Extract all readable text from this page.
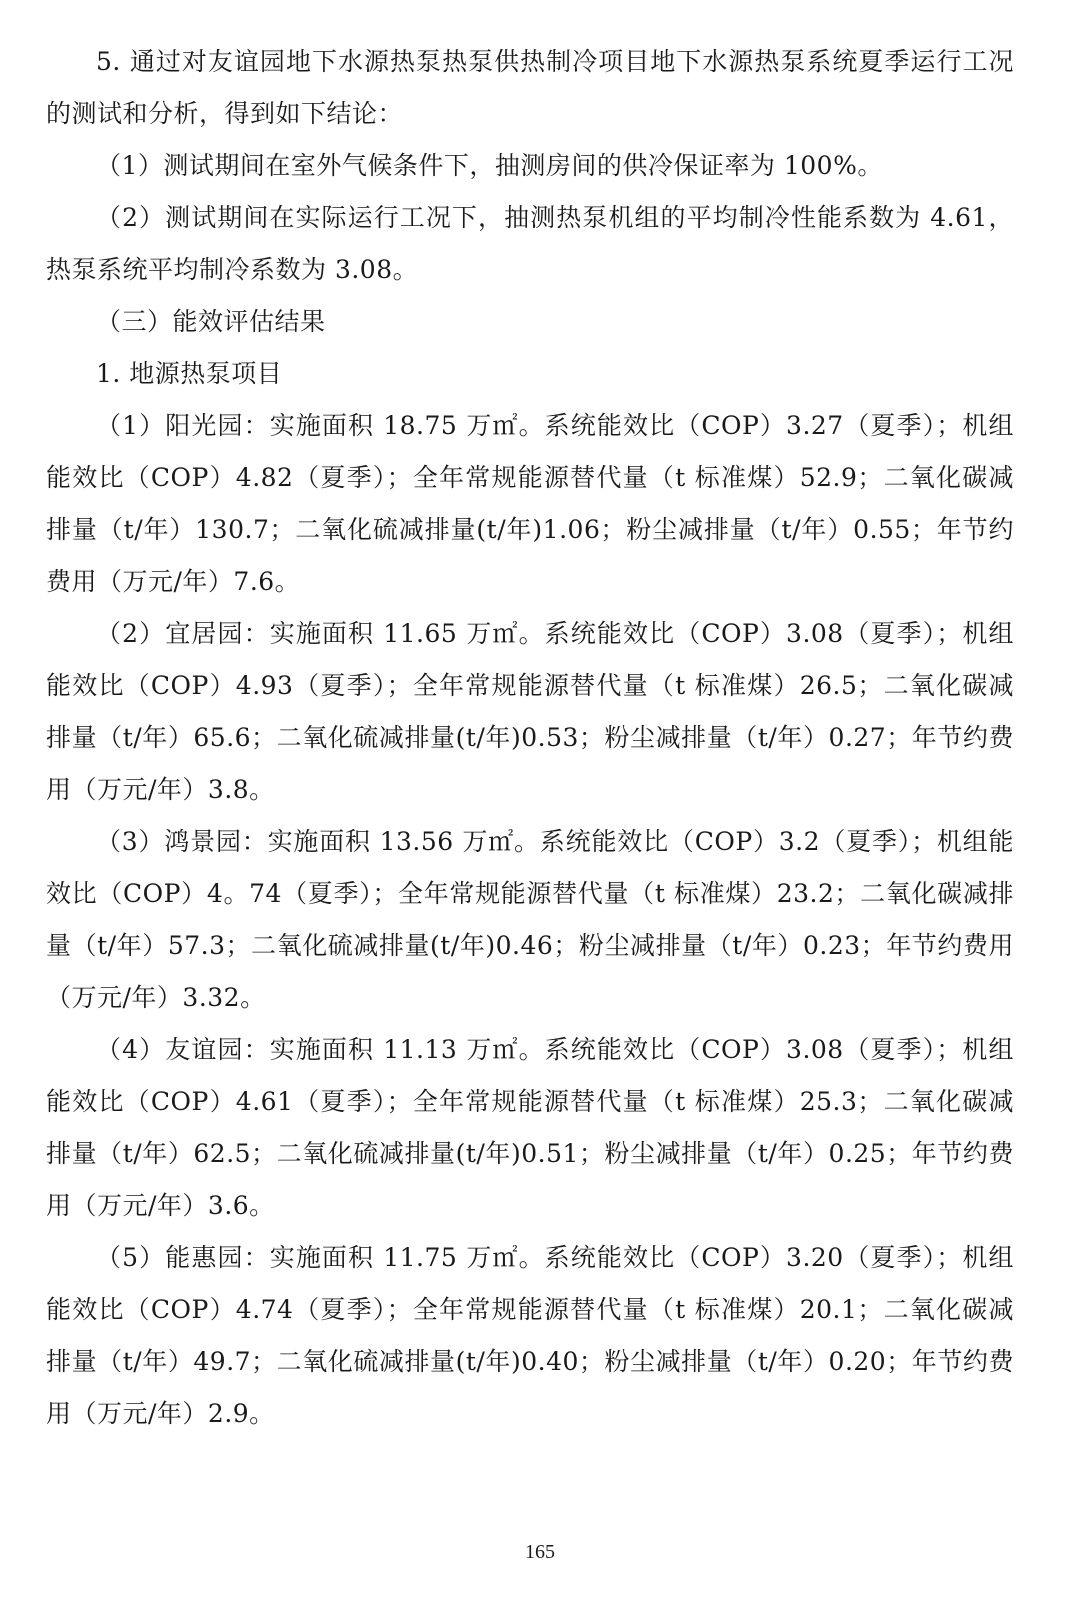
5. 通过对友谊园地下水源热泵热泵供热制冷项目地下水源热泵系统夏季运行工况的测试和分析，得到如下结论：

（1）测试期间在室外气候条件下，抽测房间的供冷保证率为 100%。

（2）测试期间在实际运行工况下，抽测热泵机组的平均制冷性能系数为 4.61，热泵系统平均制冷系数为 3.08。

（三）能效评估结果

1. 地源热泵项目

（1）阳光园：实施面积 18.75 万㎡。系统能效比（COP）3.27（夏季）；机组能效比（COP）4.82（夏季）；全年常规能源替代量（t 标准煤）52.9；二氧化碳减排量（t/年）130.7；二氧化硫减排量(t/年)1.06；粉尘减排量（t/年）0.55；年节约费用（万元/年）7.6。

（2）宜居园：实施面积 11.65 万㎡。系统能效比（COP）3.08（夏季）；机组能效比（COP）4.93（夏季）；全年常规能源替代量（t 标准煤）26.5；二氧化碳减排量（t/年）65.6；二氧化硫减排量(t/年)0.53；粉尘减排量（t/年）0.27；年节约费用（万元/年）3.8。

（3）鸿景园：实施面积 13.56 万㎡。系统能效比（COP）3.2（夏季）；机组能效比（COP）4。74（夏季）；全年常规能源替代量（t 标准煤）23.2；二氧化碳减排量（t/年）57.3；二氧化硫减排量(t/年)0.46；粉尘减排量（t/年）0.23；年节约费用（万元/年）3.32。

（4）友谊园：实施面积 11.13 万㎡。系统能效比（COP）3.08（夏季）；机组能效比（COP）4.61（夏季）；全年常规能源替代量（t 标准煤）25.3；二氧化碳减排量（t/年）62.5；二氧化硫减排量(t/年)0.51；粉尘减排量（t/年）0.25；年节约费用（万元/年）3.6。

（5）能惠园：实施面积 11.75 万㎡。系统能效比（COP）3.20（夏季）；机组能效比（COP）4.74（夏季）；全年常规能源替代量（t 标准煤）20.1；二氧化碳减排量（t/年）49.7；二氧化硫减排量(t/年)0.40；粉尘减排量（t/年）0.20；年节约费用（万元/年）2.9。

165
